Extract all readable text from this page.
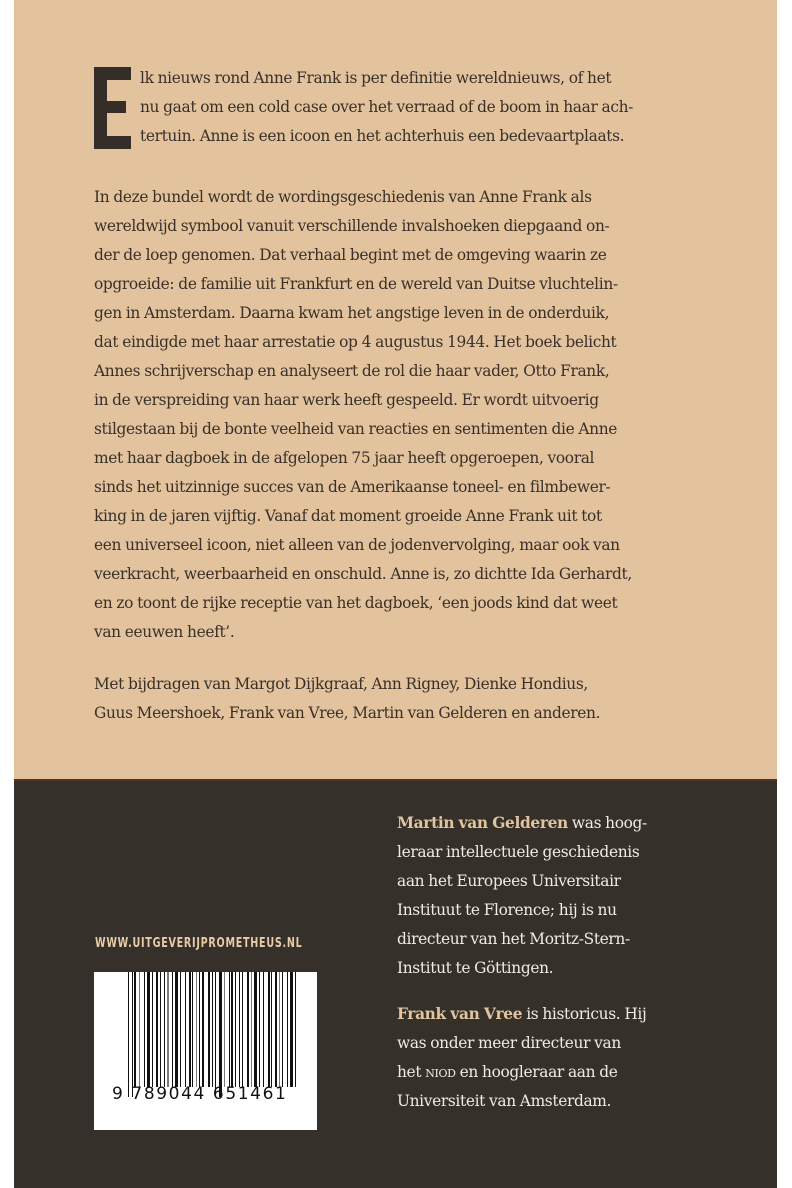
lk nieuws rond Anne Frank is per definitie wereldnieuws, of het
nu gaat om een cold case over het verraad of de boom in haar ach-
tertuin. Anne is een icoon en het achterhuis een bedevaartplaats.
In deze bundel wordt de wordingsgeschiedenis van Anne Frank als
wereldwijd symbool vanuit verschillende invalshoeken diepgaand on-
der de loep genomen. Dat verhaal begint met de omgeving waarin ze
opgroeide: de familie uit Frankfurt en de wereld van Duitse vluchtelin-
gen in Amsterdam. Daarna kwam het angstige leven in de onderduik,
dat eindigde met haar arrestatie op 4 augustus 1944. Het boek belicht
Annes schrijverschap en analyseert de rol die haar vader, Otto Frank,
in de verspreiding van haar werk heeft gespeeld. Er wordt uitvoerig
stilgestaan bij de bonte veelheid van reacties en sentimenten die Anne
met haar dagboek in de afgelopen 75 jaar heeft opgeroepen, vooral
sinds het uitzinnige succes van de Amerikaanse toneel- en filmbewer-
king in de jaren vijftig. Vanaf dat moment groeide Anne Frank uit tot
een universeel icoon, niet alleen van de jodenvervolging, maar ook van
veerkracht, weerbaarheid en onschuld. Anne is, zo dichtte Ida Gerhardt,
en zo toont de rijke receptie van het dagboek, ‘een joods kind dat weet
van eeuwen heeft’.
Met bijdragen van Margot Dijkgraaf, Ann Rigney, Dienke Hondius,
Guus Meershoek, Frank van Vree, Martin van Gelderen en anderen.
WWW.UITGEVERIJPROMETHEUS.NL
9 789044 651461
Martin van Gelderen was hoog-
leraar intellectuele geschiedenis
aan het Europees Universitair
Instituut te Florence; hij is nu
directeur van het Moritz-Stern-
Institut te Göttingen.
Frank van Vree is historicus. Hij
was onder meer directeur van
het niod en hoogleraar aan de
Universiteit van Amsterdam.
